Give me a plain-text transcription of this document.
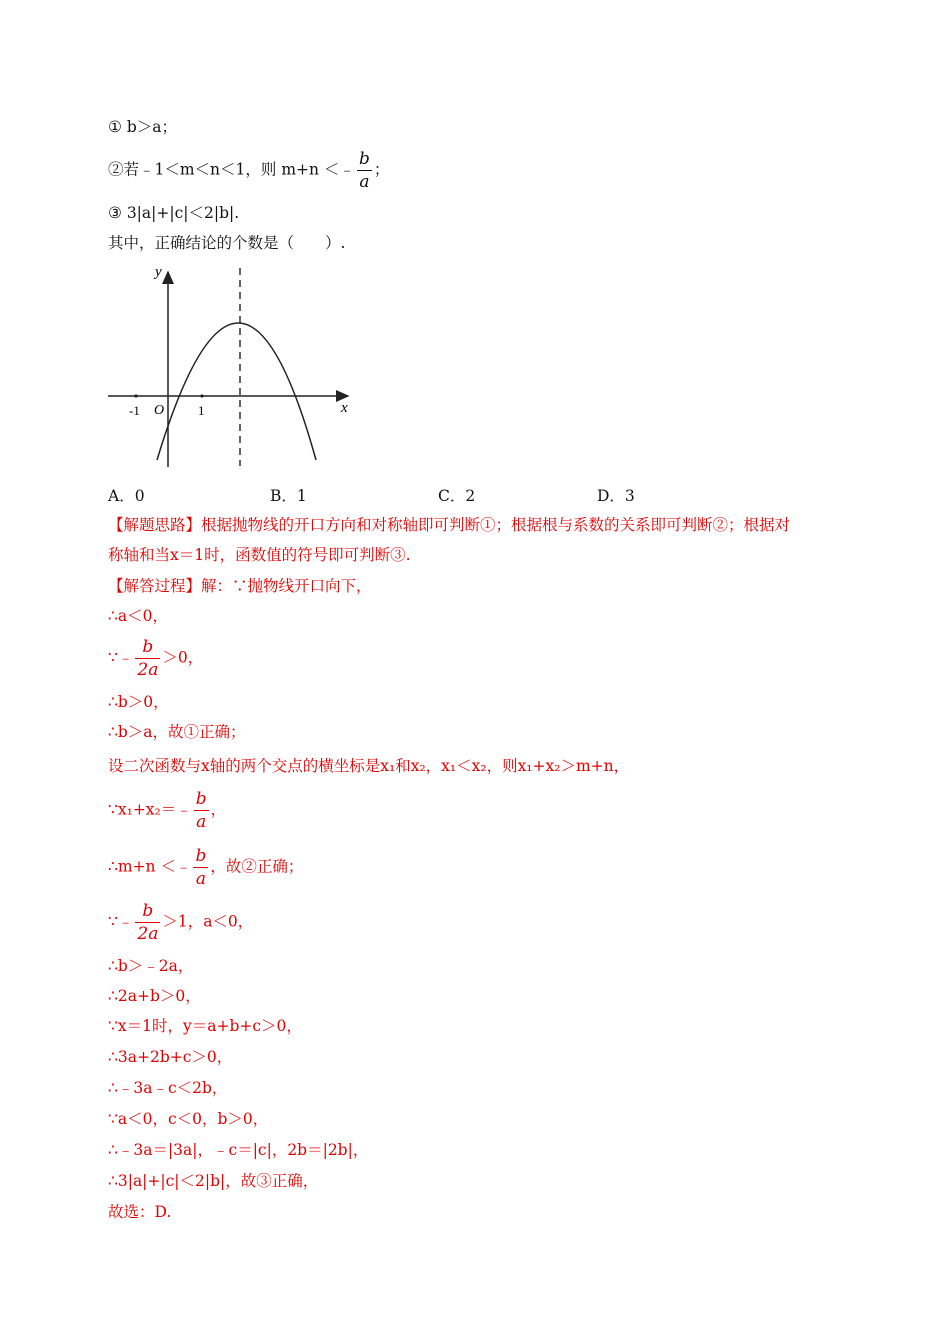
① b＞a；
②若﹣1＜m＜n＜1，则 m+n ＜﹣ $\frac{b}{a}$ ；
③ 3|a|+|c|＜2|b|.
其中，正确结论的个数是（　　）.
y
x
O
-1	1
A．0	B．1	C．2	D．3
【解题思路】根据抛物线的开口方向和对称轴即可判断①；根据根与系数的关系即可判断②；根据对
称轴和当x＝1时，函数值的符号即可判断③.
【解答过程】解：∵抛物线开口向下，
∴a＜0，
∵﹣ $\frac{b}{2a} >0$，
∴b＞0，
∴b＞a，故①正确；
设二次函数与x轴的两个交点的横坐标是x₁和x₂，x₁＜x₂，则x₁+x₂＞m+n，
∵x₁+x₂＝﹣ $\frac{b}{a}$ ，
∴m+n ＜﹣ $\frac{b}{a}$ ，故②正确；
∵﹣ $\frac{b}{2a} >1$，a＜0，
∴b＞﹣2a，
∴2a+b＞0，
∵x＝1时，y＝a+b+c＞0，
∴3a+2b+c＞0，
∴﹣3a﹣c＜2b，
∵a＜0，c＜0，b＞0，
∴﹣3a＝|3a|，﹣c＝|c|，2b＝|2b|，
∴3|a|+|c|＜2|b|，故③正确，
故选：D.
